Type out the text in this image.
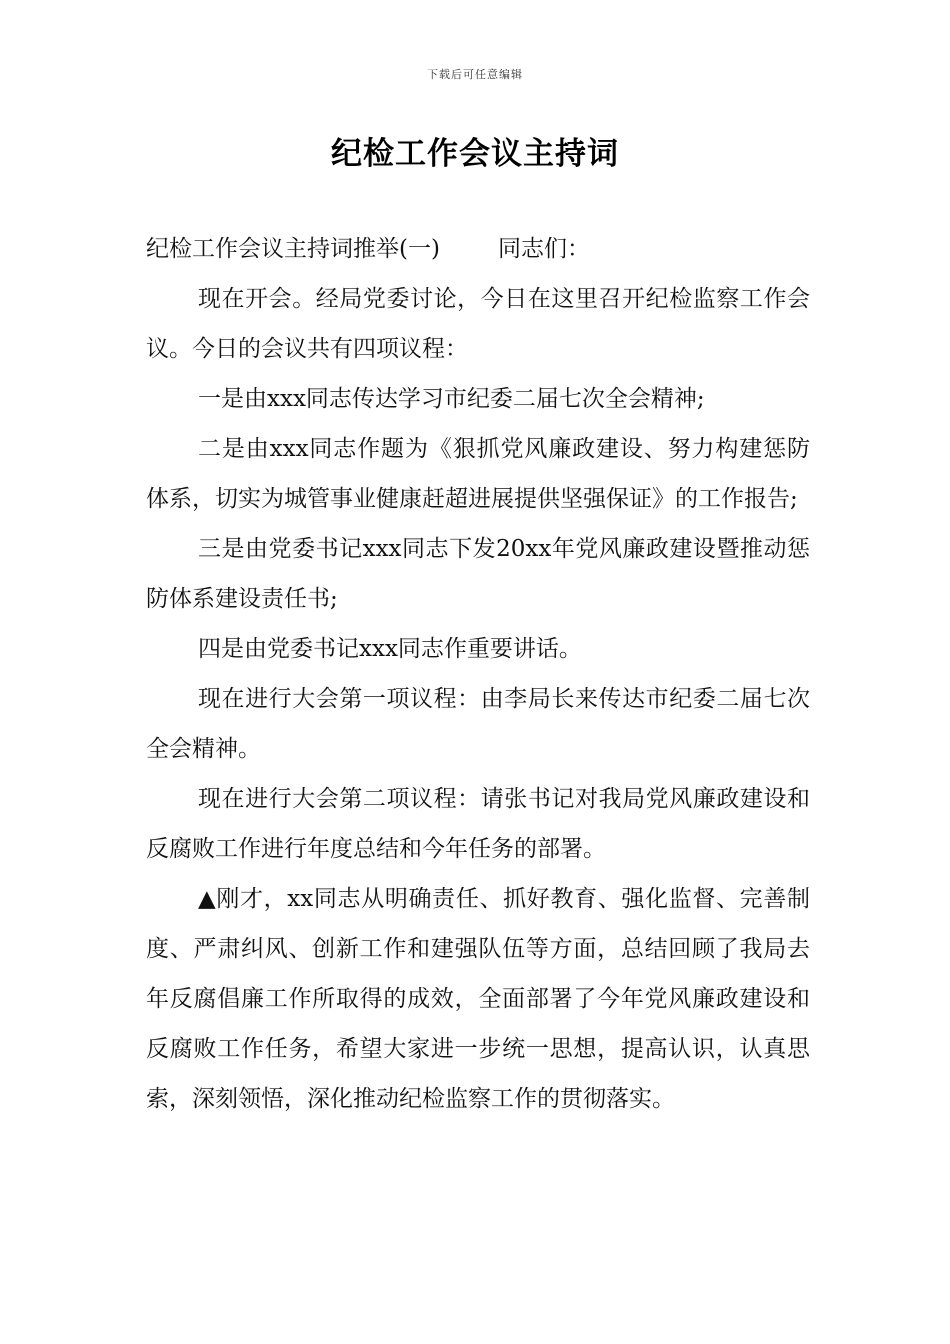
下载后可任意编辑
纪检工作会议主持词

纪检工作会议主持词推举(一)	同志们：

现在开会。经局党委讨论，今日在这里召开纪检监察工作会议。今日的会议共有四项议程：

一是由xxx同志传达学习市纪委二届七次全会精神;

二是由xxx同志作题为《狠抓党风廉政建设、努力构建惩防体系，切实为城管事业健康赶超进展提供坚强保证》的工作报告;

三是由党委书记xxx同志下发20xx年党风廉政建设暨推动惩防体系建设责任书;

四是由党委书记xxx同志作重要讲话。

现在进行大会第一项议程：由李局长来传达市纪委二届七次全会精神。

现在进行大会第二项议程：请张书记对我局党风廉政建设和反腐败工作进行年度总结和今年任务的部署。

▲刚才，xx同志从明确责任、抓好教育、强化监督、完善制度、严肃纠风、创新工作和建强队伍等方面，总结回顾了我局去年反腐倡廉工作所取得的成效，全面部署了今年党风廉政建设和反腐败工作任务，希望大家进一步统一思想，提高认识，认真思索，深刻领悟，深化推动纪检监察工作的贯彻落实。
